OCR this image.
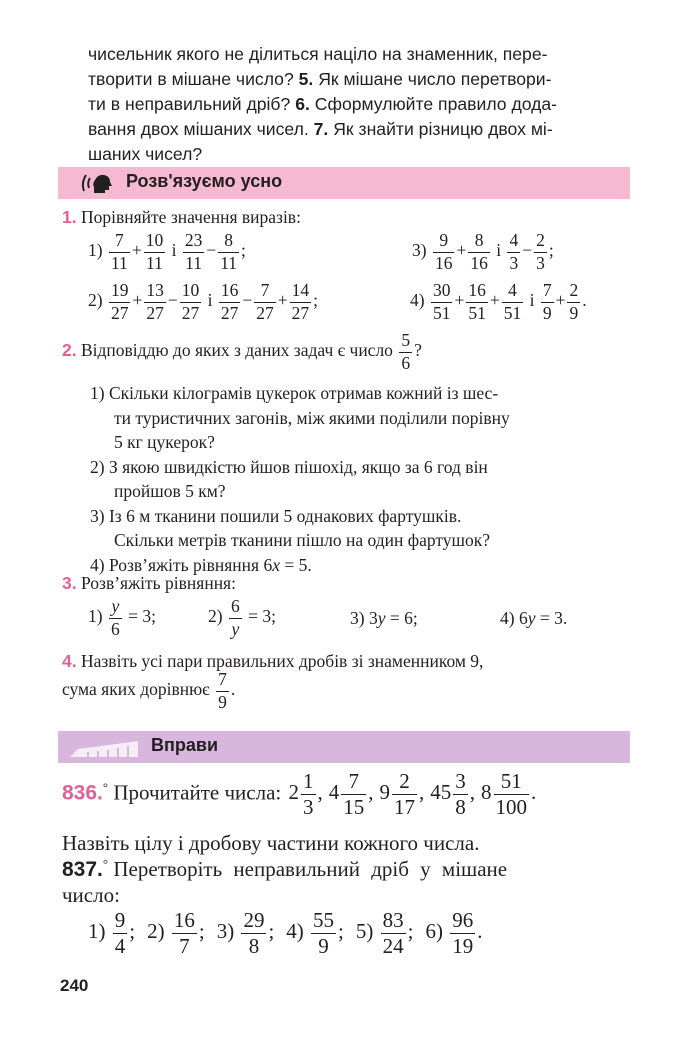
чисельник якого не ділиться націло на знаменник, пере-
творити в мішане число? 5. Як мішане число перетвори-
ти в неправильний дріб? 6. Сформулюйте правило дода-
вання двох мішаних чисел. 7. Як знайти різницю двох мі-
шаних чисел?
Розв'язуємо усно
1. Порівняйте значення виразів:
$1) \frac{7}{11} + \frac{10}{11}$ і $\frac{23}{11} - \frac{8}{11}$ ;	$3) \frac{9}{16} + \frac{8}{16}$ і $\frac{4}{3} - \frac{2}{3}$ ;
$2) \frac{19}{27} + \frac{13}{27} - \frac{10}{27}$ і $\frac{16}{27} - \frac{7}{27} + \frac{14}{27}$ ;	$4) \frac{30}{51} + \frac{16}{51} + \frac{4}{51}$ і $\frac{7}{9} + \frac{2}{9}$ .
2. Відповіддю до яких з даних задач є число $\frac{5}{6}$ ?
1) Скільки кілограмів цукерок отримав кожний із шес-
ти туристичних загонів, між якими поділили порівну
5 кг цукерок?
2) З якою швидкістю йшов пішохід, якщо за 6 год він
пройшов 5 км?
3) Із 6 м тканини пошили 5 однакових фартушків.
Скільки метрів тканини пішло на один фартушок?
4) Розв’яжіть рівняння 6x = 5.
3. Розв’яжіть рівняння:
$1) \frac{y}{6} = 3$;	$2) \frac{6}{y} = 3$;	3) 3y = 6;	4) 6y = 3.
4. Назвіть усі пари правильних дробів зі знаменником 9,
сума яких дорівнює $\frac{7}{9}$ .
Вправи
836.° Прочитайте числа: $2 \frac{1}{3}$ , $4 \frac{7}{15}$ , $9 \frac{2}{17}$ , $45 \frac{3}{8}$ , $8 \frac{51}{100}$ .
Назвіть цілу і дробову частини кожного числа.
837.° Перетворіть неправильний дріб у мішане
число:
$1) \frac{9}{4}$ ; $2) \frac{16}{7}$ ; $3) \frac{29}{8}$ ; $4) \frac{55}{9}$ ; $5) \frac{83}{24}$ ; $6) \frac{96}{19}$ .
240
